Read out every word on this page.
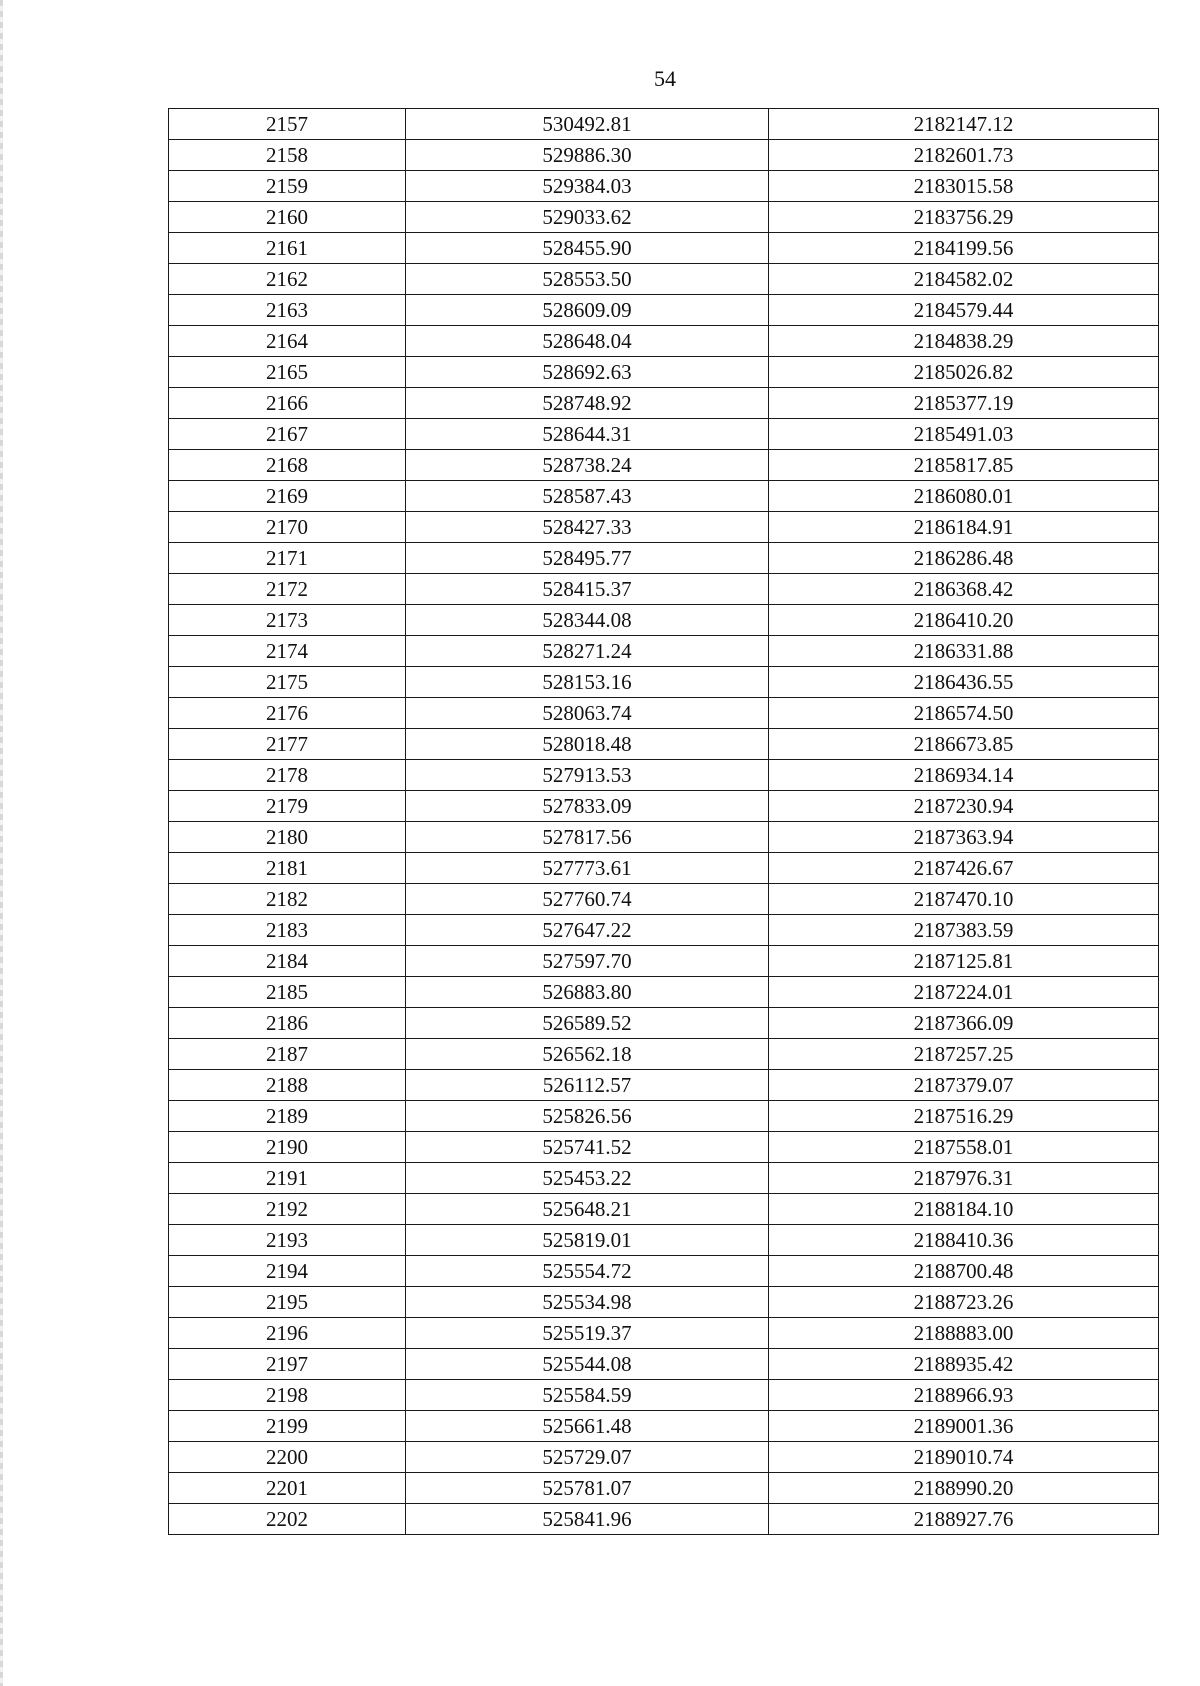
54
2157	530492.81	2182147.12
2158	529886.30	2182601.73
2159	529384.03	2183015.58
2160	529033.62	2183756.29
2161	528455.90	2184199.56
2162	528553.50	2184582.02
2163	528609.09	2184579.44
2164	528648.04	2184838.29
2165	528692.63	2185026.82
2166	528748.92	2185377.19
2167	528644.31	2185491.03
2168	528738.24	2185817.85
2169	528587.43	2186080.01
2170	528427.33	2186184.91
2171	528495.77	2186286.48
2172	528415.37	2186368.42
2173	528344.08	2186410.20
2174	528271.24	2186331.88
2175	528153.16	2186436.55
2176	528063.74	2186574.50
2177	528018.48	2186673.85
2178	527913.53	2186934.14
2179	527833.09	2187230.94
2180	527817.56	2187363.94
2181	527773.61	2187426.67
2182	527760.74	2187470.10
2183	527647.22	2187383.59
2184	527597.70	2187125.81
2185	526883.80	2187224.01
2186	526589.52	2187366.09
2187	526562.18	2187257.25
2188	526112.57	2187379.07
2189	525826.56	2187516.29
2190	525741.52	2187558.01
2191	525453.22	2187976.31
2192	525648.21	2188184.10
2193	525819.01	2188410.36
2194	525554.72	2188700.48
2195	525534.98	2188723.26
2196	525519.37	2188883.00
2197	525544.08	2188935.42
2198	525584.59	2188966.93
2199	525661.48	2189001.36
2200	525729.07	2189010.74
2201	525781.07	2188990.20
2202	525841.96	2188927.76
